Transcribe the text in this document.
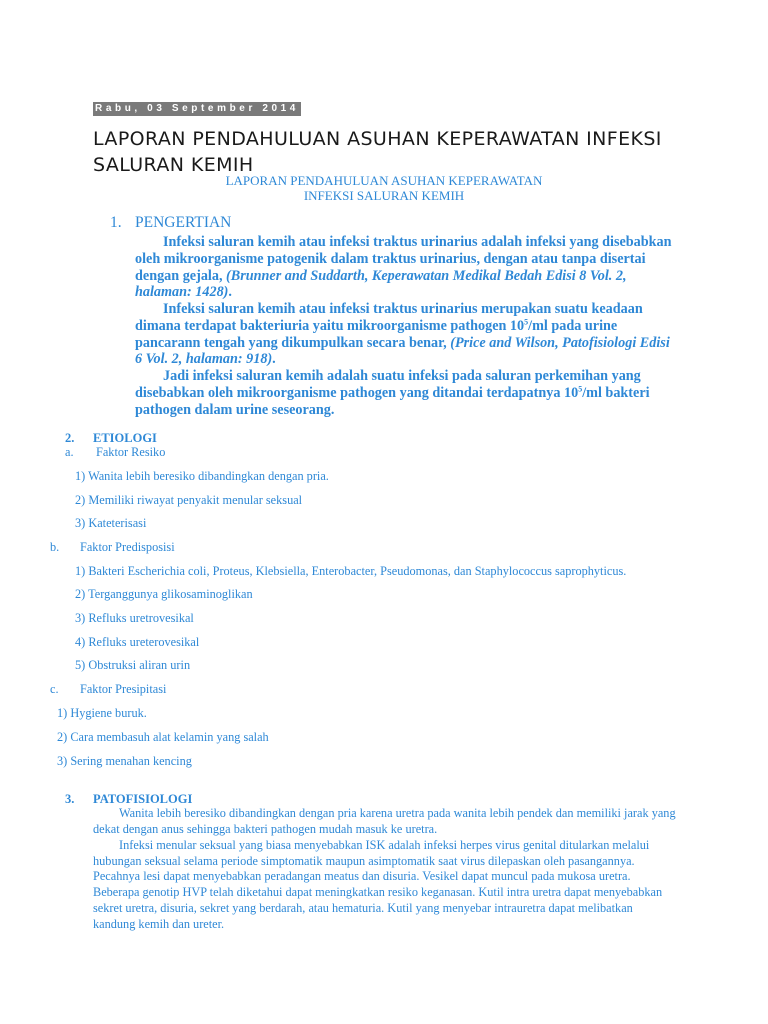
Rabu, 03 September 2014
LAPORAN PENDAHULUAN ASUHAN KEPERAWATAN INFEKSI SALURAN KEMIH
LAPORAN PENDAHULUAN ASUHAN KEPERAWATAN
INFEKSI SALURAN KEMIH
1. PENGERTIAN

Infeksi saluran kemih atau infeksi traktus urinarius adalah infeksi yang disebabkan oleh mikroorganisme patogenik dalam traktus urinarius, dengan atau tanpa disertai dengan gejala, (Brunner and Suddarth, Keperawatan Medikal Bedah Edisi 8 Vol. 2, halaman: 1428).

Infeksi saluran kemih atau infeksi traktus urinarius merupakan suatu keadaan dimana terdapat bakteriuria yaitu mikroorganisme pathogen $10^5/ml$ pada urine pancarann tengah yang dikumpulkan secara benar, (Price and Wilson, Patofisiologi Edisi 6 Vol. 2, halaman: 918).

Jadi infeksi saluran kemih adalah suatu infeksi pada saluran perkemihan yang disebabkan oleh mikroorganisme pathogen yang ditandai terdapatnya $10^5/ml$ bakteri pathogen dalam urine seseorang.

2. ETIOLOGI
a. Faktor Resiko
1) Wanita lebih beresiko dibandingkan dengan pria.
2) Memiliki riwayat penyakit menular seksual
3) Kateterisasi
b. Faktor Predisposisi
1) Bakteri Escherichia coli, Proteus, Klebsiella, Enterobacter, Pseudomonas, dan Staphylococcus saprophyticus.
2) Terganggunya glikosaminoglikan
3) Refluks uretrovesikal
4) Refluks ureterovesikal
5) Obstruksi aliran urin
c. Faktor Presipitasi
1) Hygiene buruk.
2) Cara membasuh alat kelamin yang salah
3) Sering menahan kencing
3. PATOFISIOLOGI

Wanita lebih beresiko dibandingkan dengan pria karena uretra pada wanita lebih pendek dan memiliki jarak yang dekat dengan anus sehingga bakteri pathogen mudah masuk ke uretra.

Infeksi menular seksual yang biasa menyebabkan ISK adalah infeksi herpes virus genital ditularkan melalui hubungan seksual selama periode simptomatik maupun asimptomatik saat virus dilepaskan oleh pasangannya. Pecahnya lesi dapat menyebabkan peradangan meatus dan disuria. Vesikel dapat muncul pada mukosa uretra. Beberapa genotip HVP telah diketahui dapat meningkatkan resiko keganasan. Kutil intra uretra dapat menyebabkan sekret uretra, disuria, sekret yang berdarah, atau hematuria. Kutil yang menyebar intrauretra dapat melibatkan kandung kemih dan ureter.
